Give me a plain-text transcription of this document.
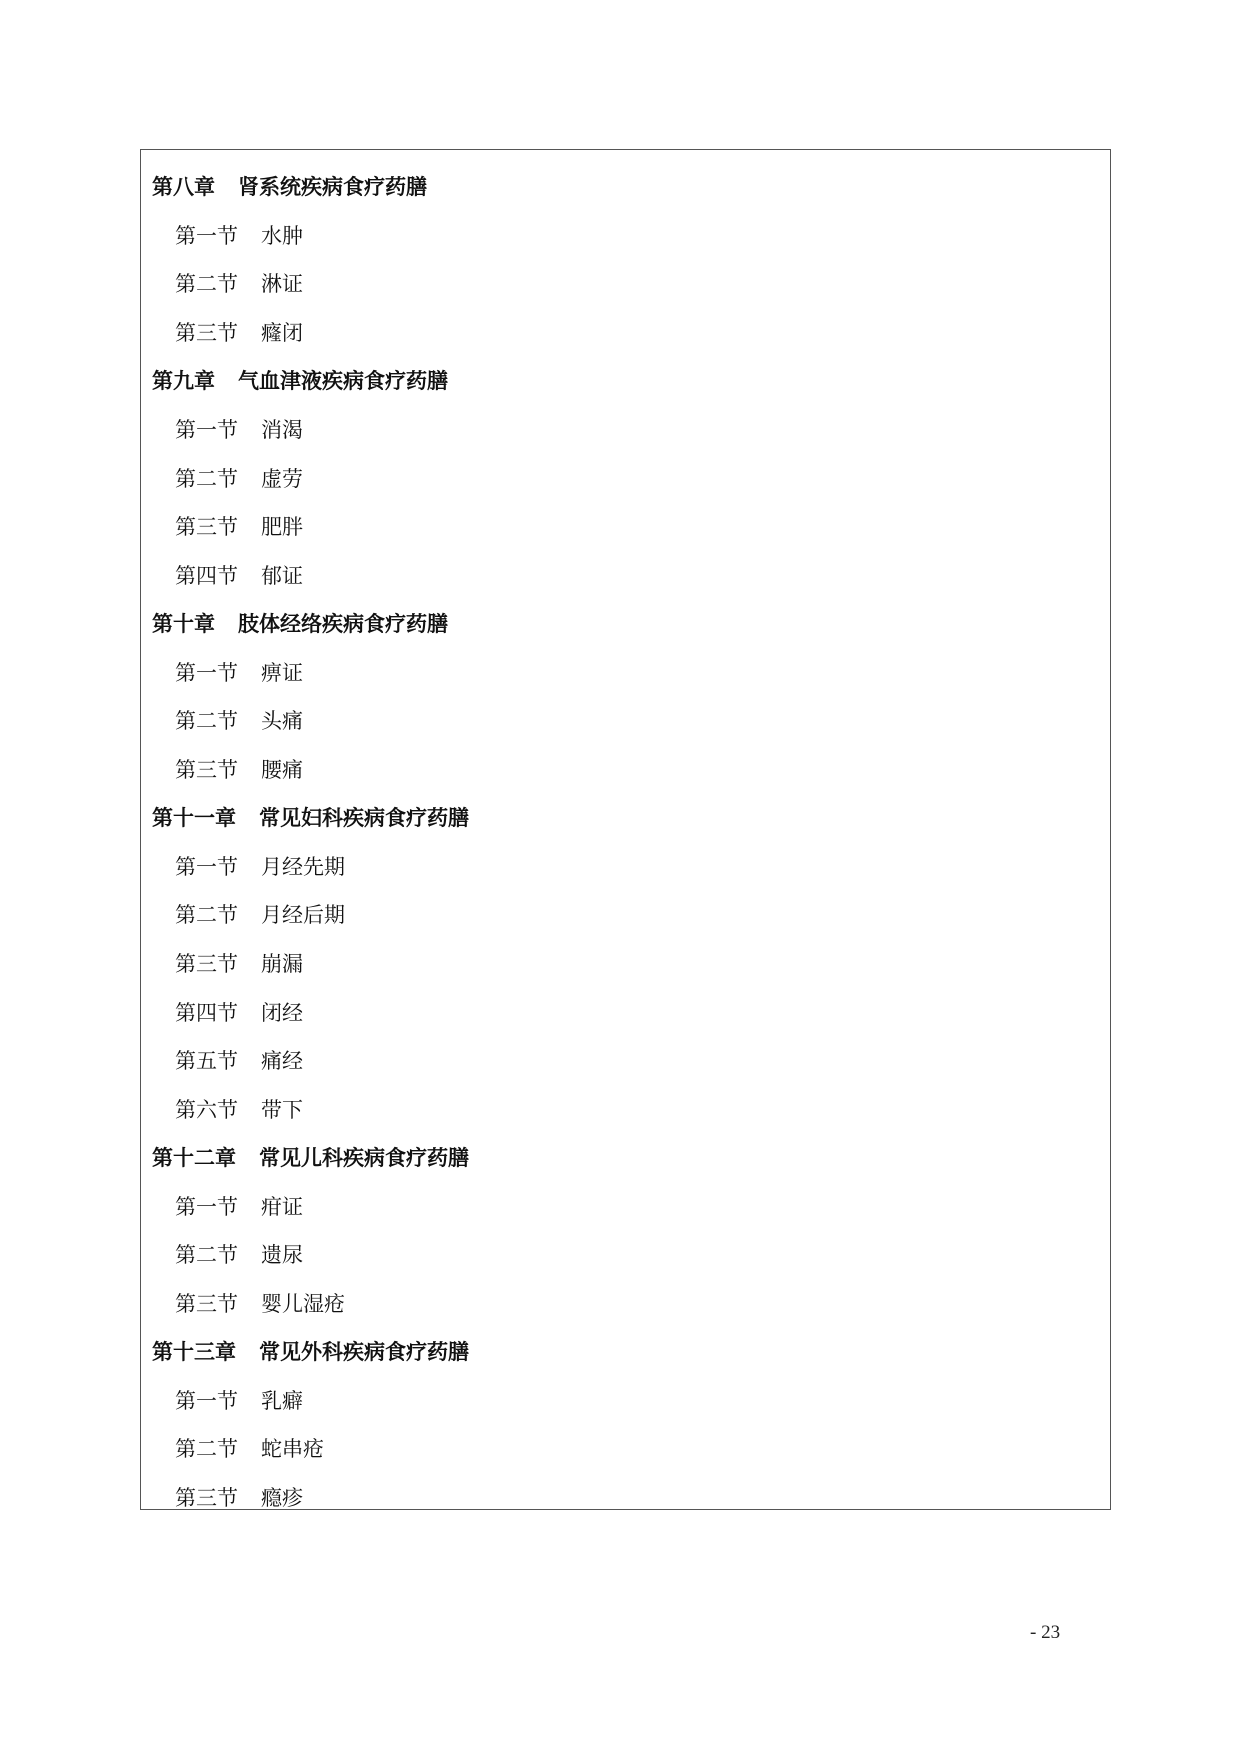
第八章 肾系统疾病食疗药膳
第一节 水肿
第二节 淋证
第三节 癃闭
第九章 气血津液疾病食疗药膳
第一节 消渴
第二节 虚劳
第三节 肥胖
第四节 郁证
第十章 肢体经络疾病食疗药膳
第一节 痹证
第二节 头痛
第三节 腰痛
第十一章 常见妇科疾病食疗药膳
第一节 月经先期
第二节 月经后期
第三节 崩漏
第四节 闭经
第五节 痛经
第六节 带下
第十二章 常见儿科疾病食疗药膳
第一节 疳证
第二节 遗尿
第三节 婴儿湿疮
第十三章 常见外科疾病食疗药膳
第一节 乳癖
第二节 蛇串疮
第三节 瘾疹
- 23
